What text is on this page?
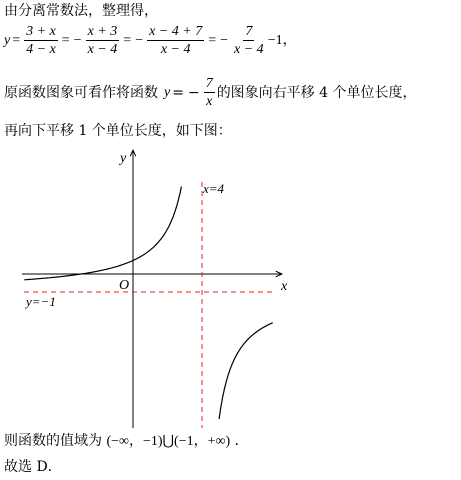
由分离常数法，整理得，
$y = \frac{3 + x}{4 - x}$ = − $\frac{x + 3}{x - 4}$ = − $\frac{x - 4 + 7}{x - 4}$ = − $\frac{7}{x - 4} -1$ ，
原函数图象可看作将函数 y = − $\frac{7}{x}$ 的图象向右平移 4 个单位长度，
再向下平移 1 个单位长度，如下图：
y
x
O
x=4
y=−1
则函数的值域为 (−∞，−1)⋃(−1，+∞) ．
故选 D．
